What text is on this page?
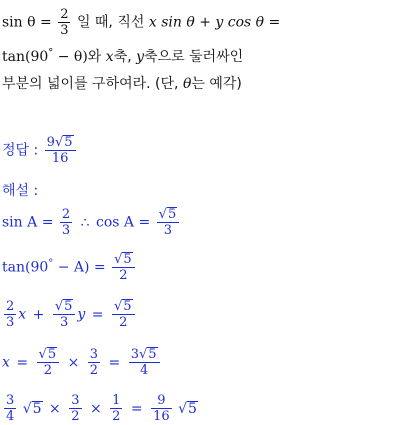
$\sin \theta = \frac{2}{3}$ 일 때, 직선 x sin θ + y cos θ =
tan(90° − θ)와 x축, y축으로 둘러싸인
부분의 넓이를 구하여라. (단, θ는 예각)
정답 : $\frac{9√5}{16}$
해설 :
$\sin A = \frac{2}{3}$ ∴ $\cos A = \frac{√5}{3}$
$\tan(90^\circ - A) = \frac{√5}{2}$
$\frac{2}{3}$ $x + \frac{√5}{3}$ $y = \frac{√5}{2}$
$x = \frac{√5}{2} \times \frac{3}{2} = \frac{3√5}{4}$
$\frac{3}{4} √5 \times \frac{3}{2} \times \frac{1}{2} = \frac{9}{16} √5$
